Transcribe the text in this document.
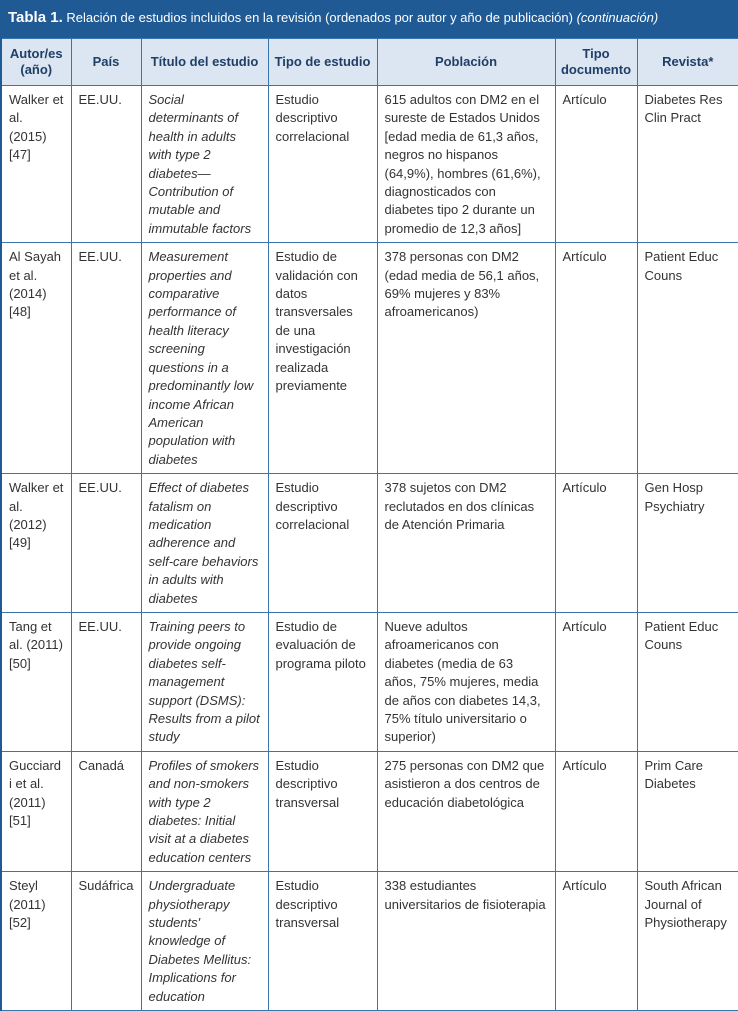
Tabla 1. Relación de estudios incluidos en la revisión (ordenados por autor y año de publicación) (continuación)
Autor/es (año)	País	Título del estudio	Tipo de estudio	Población	Tipo documento	Revista*
Walker et al. (2015) [47]	EE.UU.	Social determinants of health in adults with type 2 diabetes—Contribution of mutable and immutable factors	Estudio descriptivo correlacional	615 adultos con DM2 en el sureste de Estados Unidos [edad media de 61,3 años, negros no hispanos (64,9%), hombres (61,6%), diagnosticados con diabetes tipo 2 durante un promedio de 12,3 años]	Artículo	Diabetes Res Clin Pract
Al Sayah et al. (2014) [48]	EE.UU.	Measurement properties and comparative performance of health literacy screening questions in a predominantly low income African American population with diabetes	Estudio de validación con datos transversales de una investigación realizada previamente	378 personas con DM2 (edad media de 56,1 años, 69% mujeres y 83% afroamericanos)	Artículo	Patient Educ Couns
Walker et al. (2012) [49]	EE.UU.	Effect of diabetes fatalism on medication adherence and self-care behaviors in adults with diabetes	Estudio descriptivo correlacional	378 sujetos con DM2 reclutados en dos clínicas de Atención Primaria	Artículo	Gen Hosp Psychiatry
Tang et al. (2011) [50]	EE.UU.	Training peers to provide ongoing diabetes self-management support (DSMS): Results from a pilot study	Estudio de evaluación de programa piloto	Nueve adultos afroamericanos con diabetes (media de 63 años, 75% mujeres, media de años con diabetes 14,3, 75% título universitario o superior)	Artículo	Patient Educ Couns
Gucciardi et al. (2011) [51]	Canadá	Profiles of smokers and non-smokers with type 2 diabetes: Initial visit at a diabetes education centers	Estudio descriptivo transversal	275 personas con DM2 que asistieron a dos centros de educación diabetológica	Artículo	Prim Care Diabetes
Steyl (2011) [52]	Sudáfrica	Undergraduate physiotherapy students' knowledge of Diabetes Mellitus: Implications for education	Estudio descriptivo transversal	338 estudiantes universitarios de fisioterapia	Artículo	South African Journal of Physiotherapy
